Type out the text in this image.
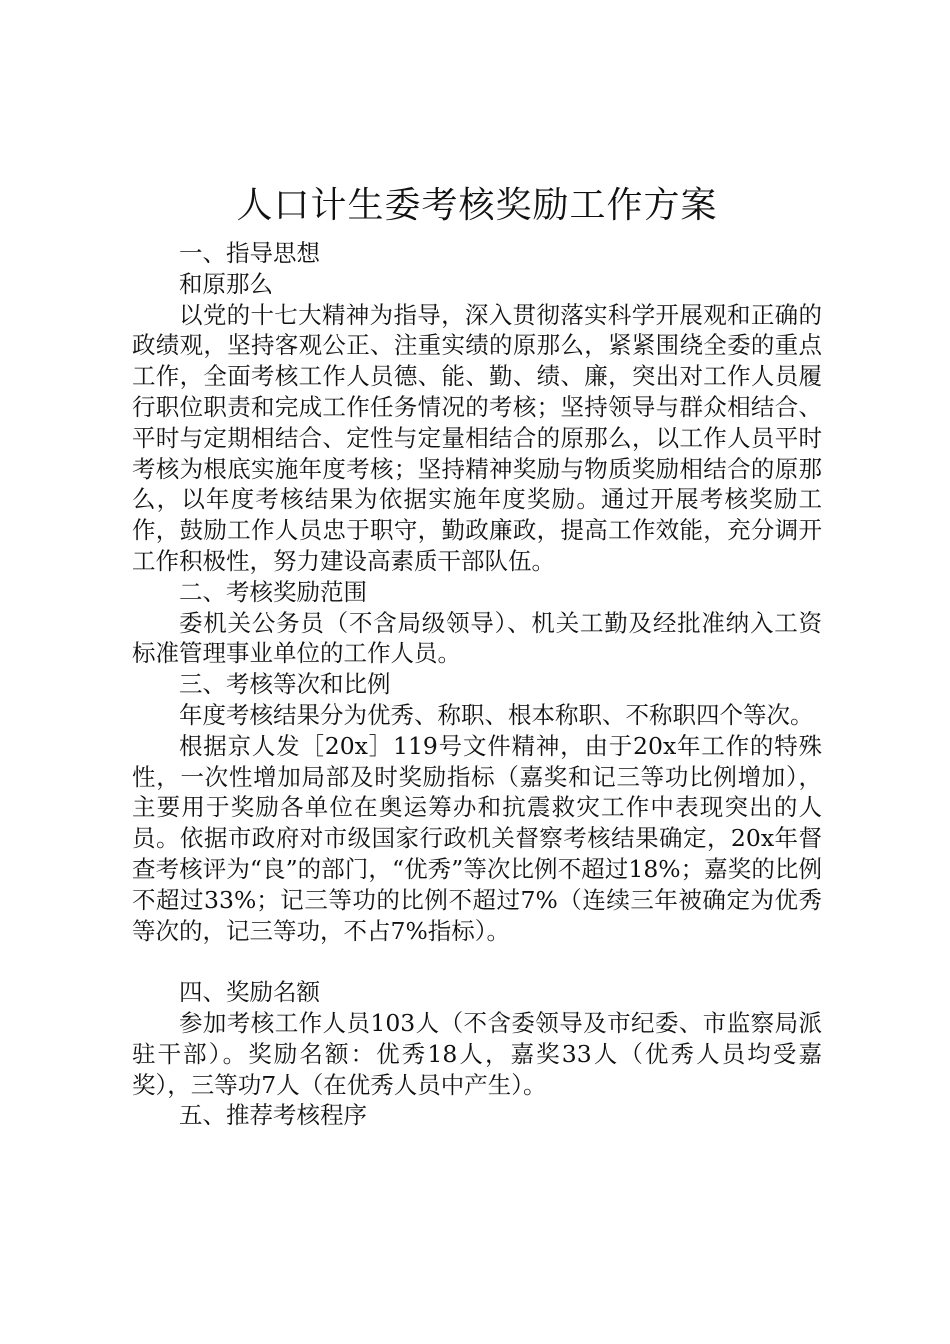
人口计生委考核奖励工作方案

一、指导思想

和原那么

以党的十七大精神为指导，深入贯彻落实科学开展观和正确的政绩观，坚持客观公正、注重实绩的原那么，紧紧围绕全委的重点工作，全面考核工作人员德、能、勤、绩、廉，突出对工作人员履行职位职责和完成工作任务情况的考核；坚持领导与群众相结合、平时与定期相结合、定性与定量相结合的原那么，以工作人员平时考核为根底实施年度考核；坚持精神奖励与物质奖励相结合的原那么，以年度考核结果为依据实施年度奖励。通过开展考核奖励工作，鼓励工作人员忠于职守，勤政廉政，提高工作效能，充分调开工作积极性，努力建设高素质干部队伍。

二、考核奖励范围

委机关公务员（不含局级领导）、机关工勤及经批准纳入工资标准管理事业单位的工作人员。

三、考核等次和比例

年度考核结果分为优秀、称职、根本称职、不称职四个等次。

根据京人发［20x］119号文件精神，由于20x年工作的特殊性，一次性增加局部及时奖励指标（嘉奖和记三等功比例增加），主要用于奖励各单位在奥运筹办和抗震救灾工作中表现突出的人员。依据市政府对市级国家行政机关督察考核结果确定，20x年督查考核评为“良”的部门，“优秀”等次比例不超过18%；嘉奖的比例不超过33%；记三等功的比例不超过7%（连续三年被确定为优秀等次的，记三等功，不占7%指标）。

四、奖励名额

参加考核工作人员103人（不含委领导及市纪委、市监察局派驻干部）。奖励名额：优秀18人，嘉奖33人（优秀人员均受嘉奖），三等功7人（在优秀人员中产生）。

五、推荐考核程序
